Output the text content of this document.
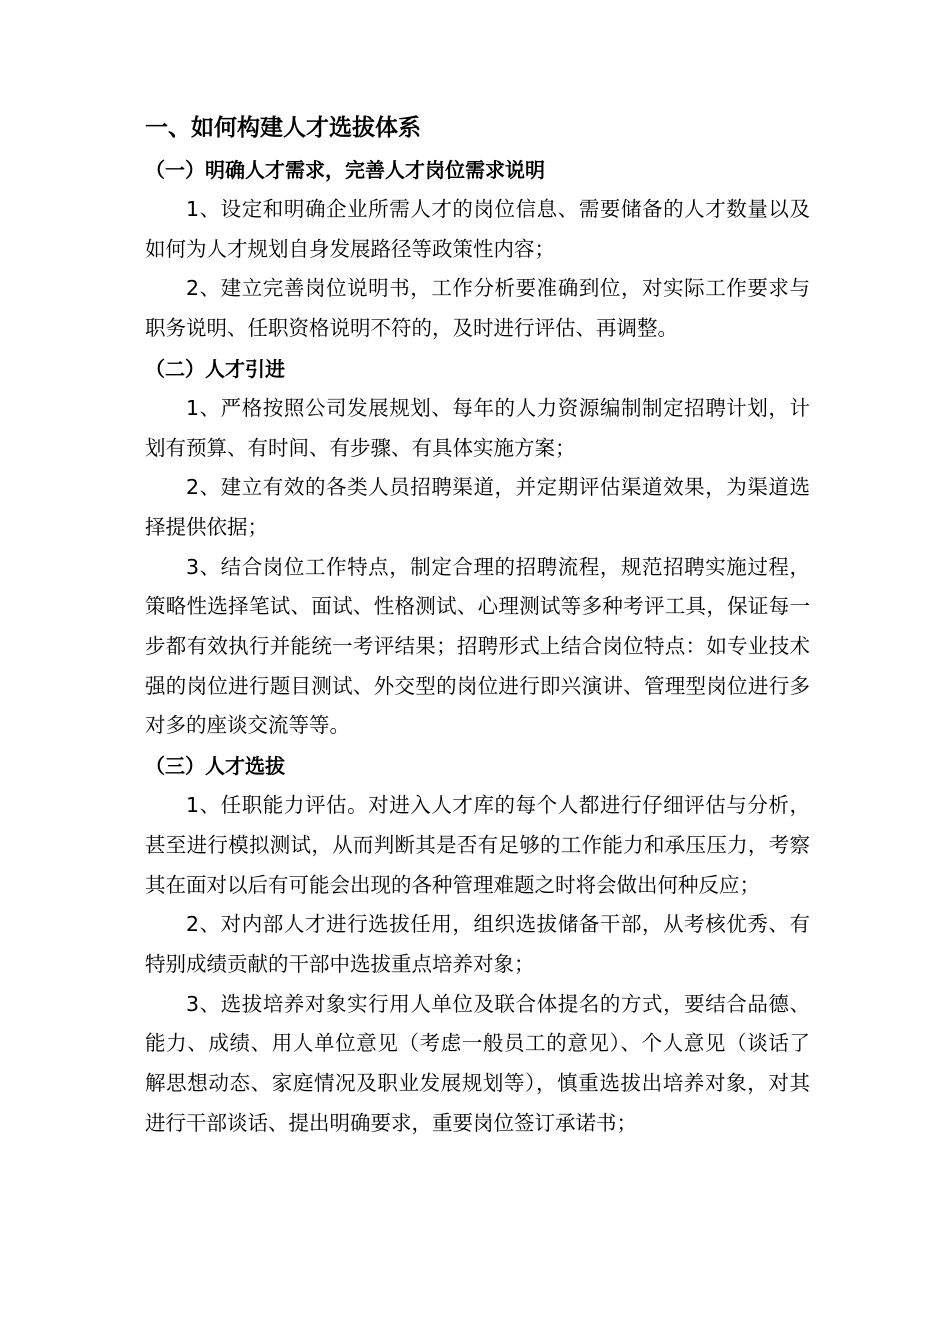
一、如何构建人才选拔体系
（一）明确人才需求，完善人才岗位需求说明

1、设定和明确企业所需人才的岗位信息、需要储备的人才数量以及如何为人才规划自身发展路径等政策性内容；

2、建立完善岗位说明书，工作分析要准确到位，对实际工作要求与职务说明、任职资格说明不符的，及时进行评估、再调整。

（二）人才引进

1、严格按照公司发展规划、每年的人力资源编制制定招聘计划，计划有预算、有时间、有步骤、有具体实施方案；

2、建立有效的各类人员招聘渠道，并定期评估渠道效果，为渠道选择提供依据；

3、结合岗位工作特点，制定合理的招聘流程，规范招聘实施过程，策略性选择笔试、面试、性格测试、心理测试等多种考评工具，保证每一步都有效执行并能统一考评结果；招聘形式上结合岗位特点：如专业技术强的岗位进行题目测试、外交型的岗位进行即兴演讲、管理型岗位进行多对多的座谈交流等等。

（三）人才选拔

1、任职能力评估。对进入人才库的每个人都进行仔细评估与分析，甚至进行模拟测试，从而判断其是否有足够的工作能力和承压压力，考察其在面对以后有可能会出现的各种管理难题之时将会做出何种反应；

2、对内部人才进行选拔任用，组织选拔储备干部，从考核优秀、有特别成绩贡献的干部中选拔重点培养对象；

3、选拔培养对象实行用人单位及联合体提名的方式，要结合品德、能力、成绩、用人单位意见（考虑一般员工的意见）、个人意见（谈话了解思想动态、家庭情况及职业发展规划等），慎重选拔出培养对象，对其进行干部谈话、提出明确要求，重要岗位签订承诺书；
